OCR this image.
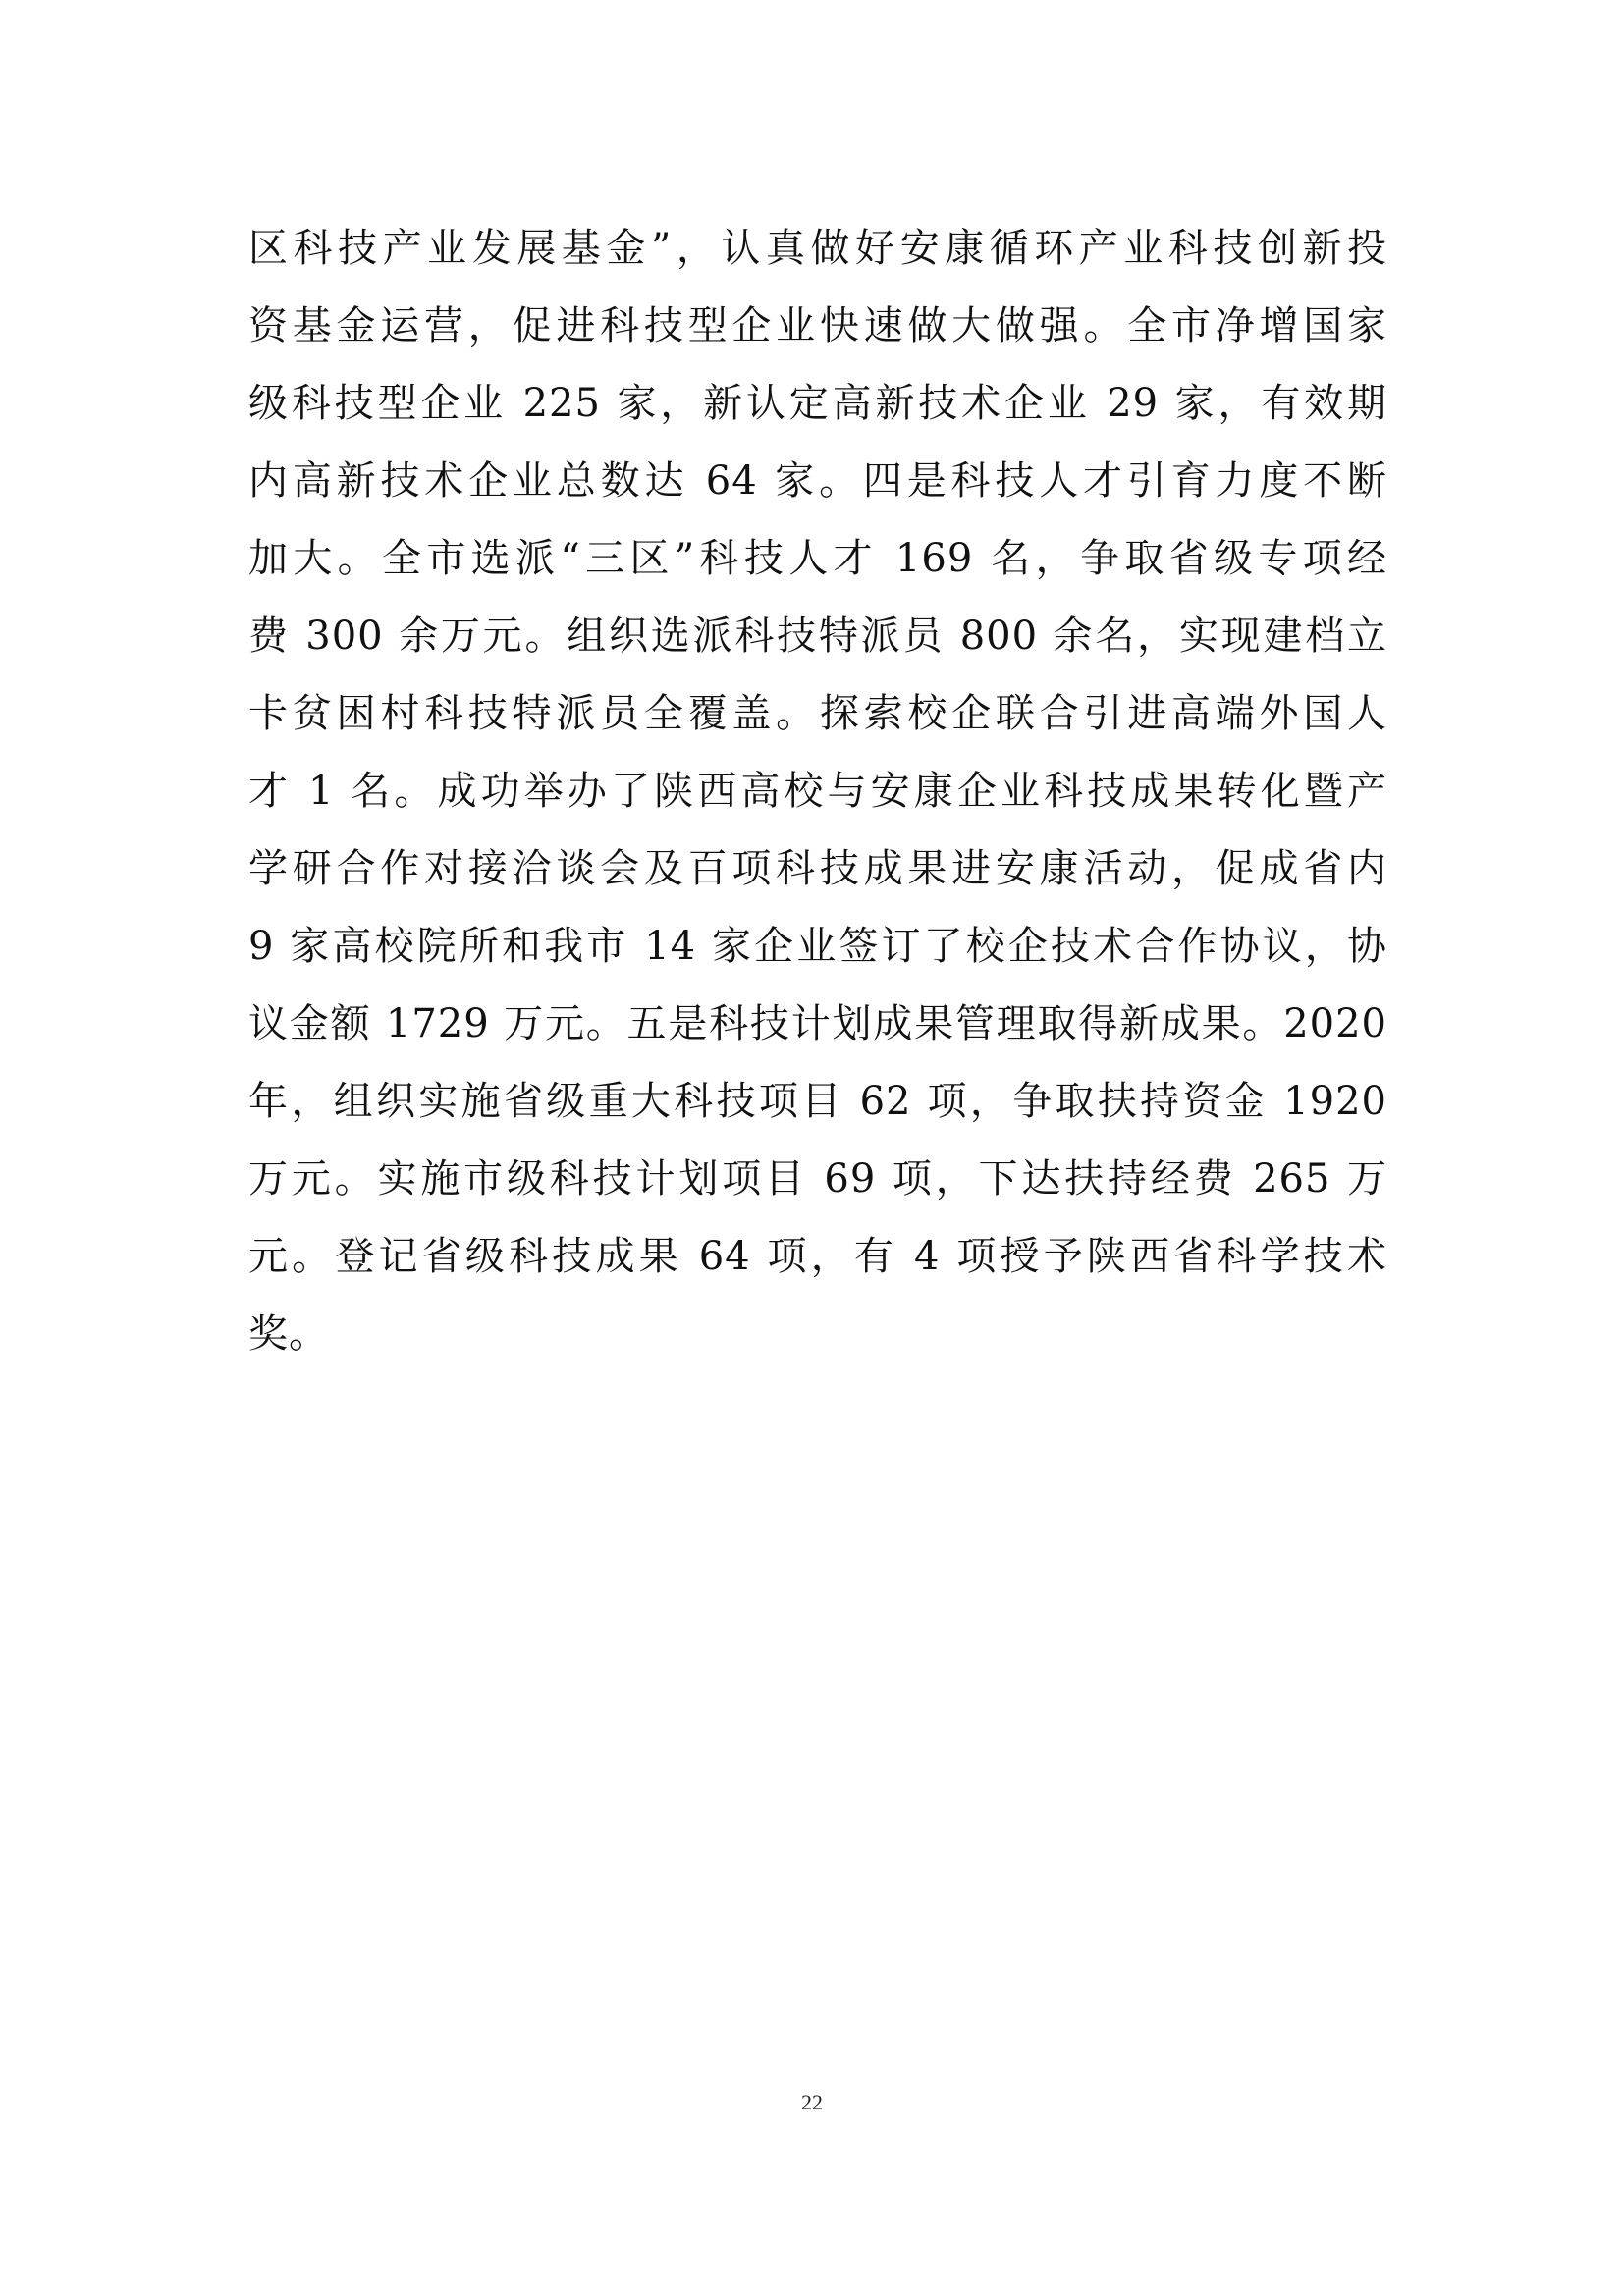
区科技产业发展基金”，认真做好安康循环产业科技创新投
资基金运营，促进科技型企业快速做大做强。全市净增国家
级科技型企业 225 家，新认定高新技术企业 29 家，有效期
内高新技术企业总数达 64 家。四是科技人才引育力度不断
加大。全市选派“三区”科技人才 169 名，争取省级专项经
费 300 余万元。组织选派科技特派员 800 余名，实现建档立
卡贫困村科技特派员全覆盖。探索校企联合引进高端外国人
才 1 名。成功举办了陕西高校与安康企业科技成果转化暨产
学研合作对接洽谈会及百项科技成果进安康活动，促成省内
9 家高校院所和我市 14 家企业签订了校企技术合作协议，协
议金额 1729 万元。五是科技计划成果管理取得新成果。2020
年，组织实施省级重大科技项目 62 项，争取扶持资金 1920
万元。实施市级科技计划项目 69 项，下达扶持经费 265 万
元。登记省级科技成果 64 项，有 4 项授予陕西省科学技术
奖。
22
